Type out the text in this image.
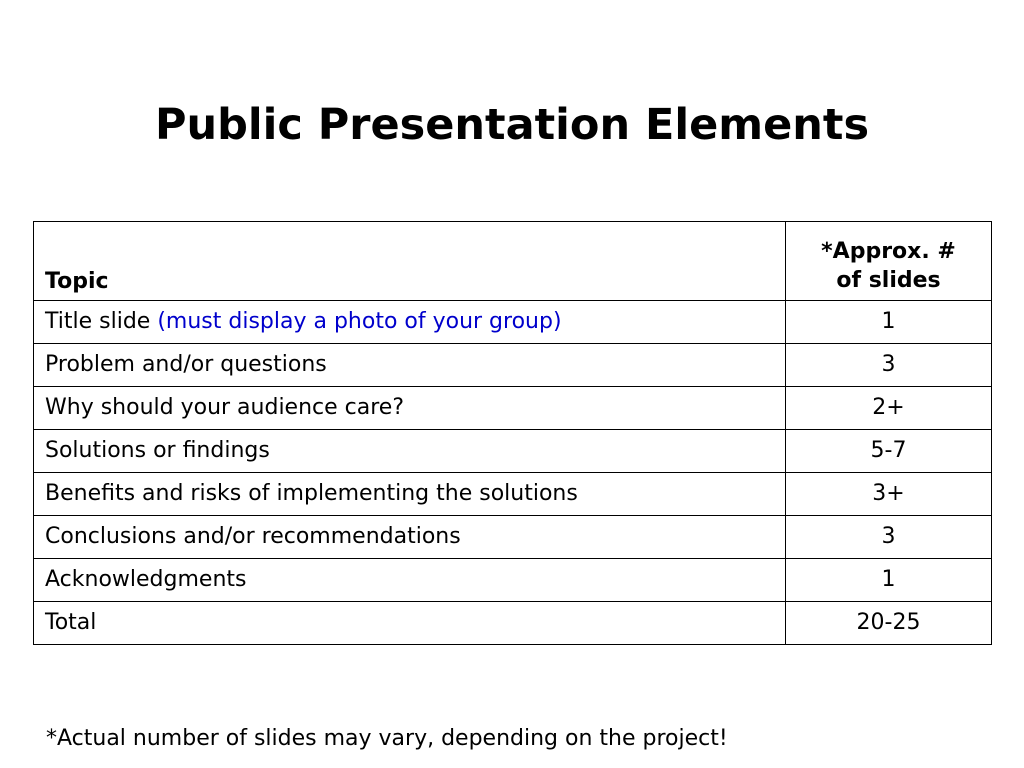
Public Presentation Elements
Topic	*Approx. #
of slides
Title slide (must display a photo of your group)	1
Problem and/or questions	3
Why should your audience care?	2+
Solutions or findings	5-7
Benefits and risks of implementing the solutions	3+
Conclusions and/or recommendations	3
Acknowledgments	1
Total	20-25

*Actual number of slides may vary, depending on the project!
